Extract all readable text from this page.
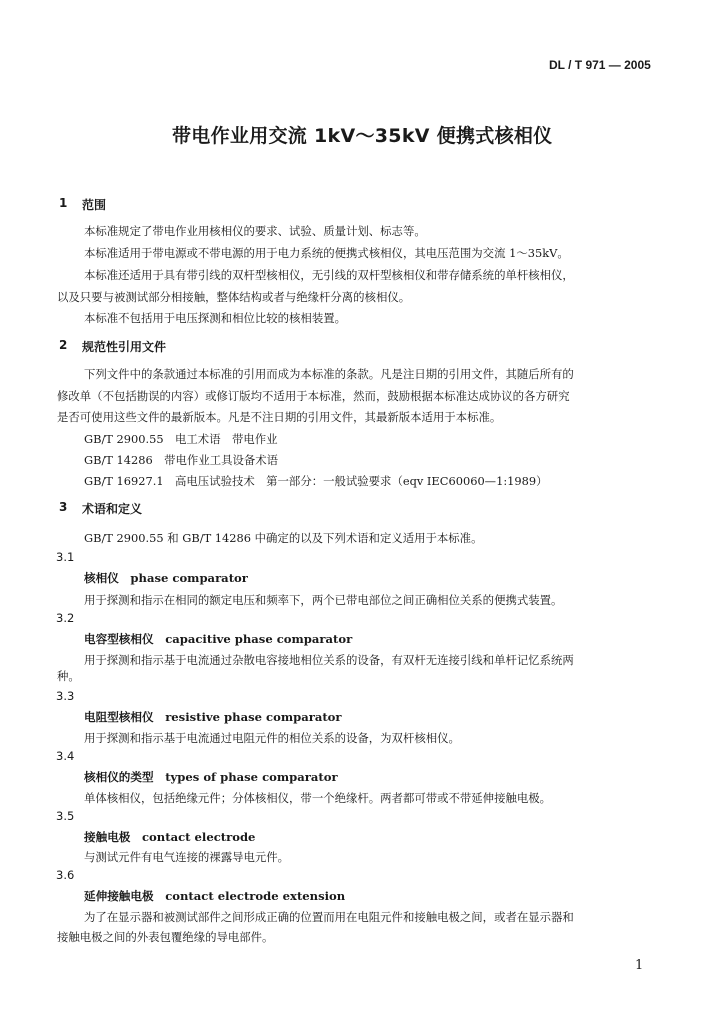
DL / T 971 — 2005
带电作业用交流 1kV～35kV 便携式核相仪
1 范围
本标准规定了带电作业用核相仪的要求、试验、质量计划、标志等。
本标准适用于带电源或不带电源的用于电力系统的便携式核相仪，其电压范围为交流 1～35kV。
本标准还适用于具有带引线的双杆型核相仪，无引线的双杆型核相仪和带存储系统的单杆核相仪，
以及只要与被测试部分相接触，整体结构或者与绝缘杆分离的核相仪。
本标准不包括用于电压探测和相位比较的核相装置。
2 规范性引用文件
下列文件中的条款通过本标准的引用而成为本标准的条款。凡是注日期的引用文件，其随后所有的
修改单（不包括勘误的内容）或修订版均不适用于本标准，然而，鼓励根据本标准达成协议的各方研究
是否可使用这些文件的最新版本。凡是不注日期的引用文件，其最新版本适用于本标准。
GB/T 2900.55　电工术语　带电作业
GB/T 14286　带电作业工具设备术语
GB/T 16927.1　高电压试验技术　第一部分：一般试验要求（eqv IEC60060—1:1989）
3 术语和定义
GB/T 2900.55 和 GB/T 14286 中确定的以及下列术语和定义适用于本标准。
3.1
核相仪　 phase comparator
用于探测和指示在相同的额定电压和频率下，两个已带电部位之间正确相位关系的便携式装置。
3.2
电容型核相仪　 capacitive phase comparator
用于探测和指示基于电流通过杂散电容接地相位关系的设备，有双杆无连接引线和单杆记忆系统两
种。
3.3
电阻型核相仪　 resistive phase comparator
用于探测和指示基于电流通过电阻元件的相位关系的设备，为双杆核相仪。
3.4
核相仪的类型　 types of phase comparator
单体核相仪，包括绝缘元件；分体核相仪，带一个绝缘杆。两者都可带或不带延伸接触电极。
3.5
接触电极　 contact electrode
与测试元件有电气连接的裸露导电元件。
3.6
延伸接触电极　 contact electrode extension
为了在显示器和被测试部件之间形成正确的位置而用在电阻元件和接触电极之间，或者在显示器和
接触电极之间的外表包覆绝缘的导电部件。
1
